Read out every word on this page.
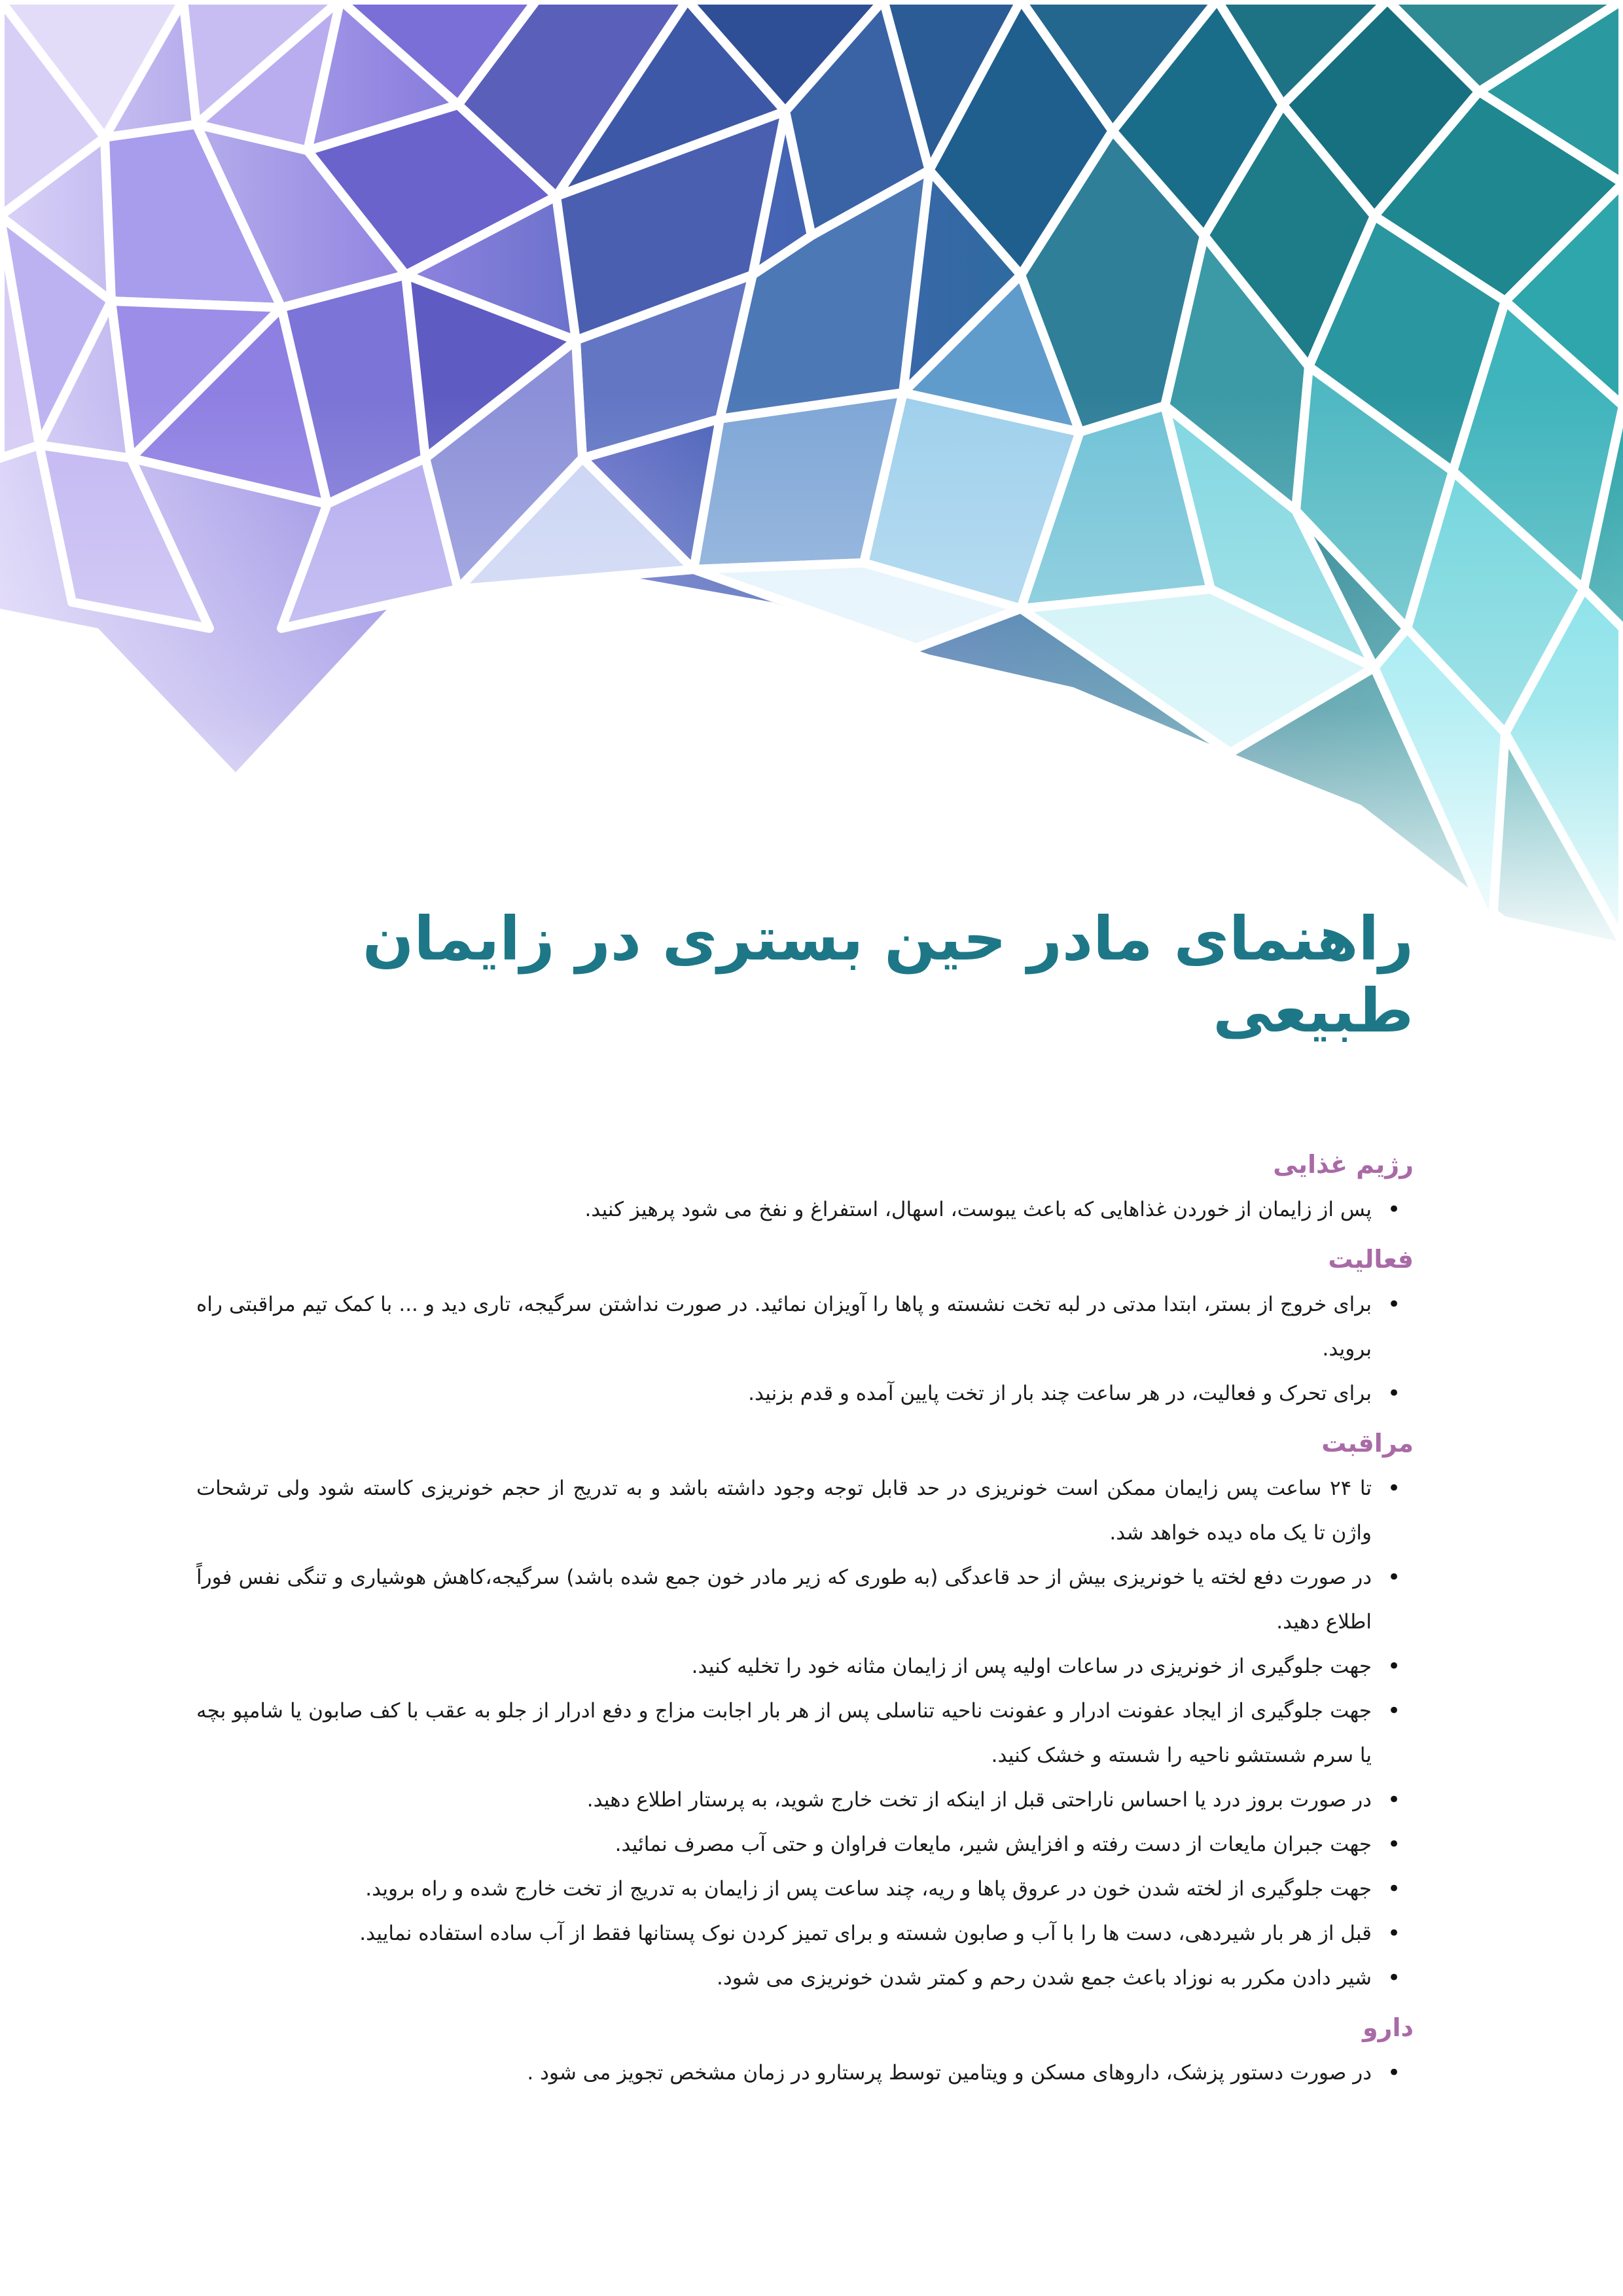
راهنمای مادر حین بستری در زایمان طبیعی
رژیم غذایی
• پس از زایمان از خوردن غذاهایی که باعث یبوست، اسهال، استفراغ و نفخ می شود پرهیز کنید.
فعالیت
• برای خروج از بستر، ابتدا مدتی در لبه تخت نشسته و پاها را آویزان نمائید. در صورت نداشتن سرگیجه، تاری دید و ... با کمک تیم مراقبتی راه بروید.
• برای تحرک و فعالیت، در هر ساعت چند بار از تخت پایین آمده و قدم بزنید.
مراقبت
• تا ۲۴ ساعت پس زایمان ممکن است خونریزی در حد قابل توجه وجود داشته باشد و به تدریج از حجم خونریزی کاسته شود ولی ترشحات واژن تا یک ماه دیده خواهد شد.
• در صورت دفع لخته یا خونریزی بیش از حد قاعدگی (به طوری که زیر مادر خون جمع شده باشد) سرگیجه،کاهش هوشیاری و تنگی نفس فوراً اطلاع دهید.
• جهت جلوگیری از خونریزی در ساعات اولیه پس از زایمان مثانه خود را تخلیه کنید.
• جهت جلوگیری از ایجاد عفونت ادرار و عفونت ناحیه تناسلی پس از هر بار اجابت مزاج و دفع ادرار از جلو به عقب با کف صابون یا شامپو بچه یا سرم شستشو ناحیه را شسته و خشک کنید.
• در صورت بروز درد یا احساس ناراحتی قبل از اینکه از تخت خارج شوید، به پرستار اطلاع دهید.
• جهت جبران مایعات از دست رفته و افزایش شیر، مایعات فراوان و حتی آب مصرف نمائید.
• جهت جلوگیری از لخته شدن خون در عروق پاها و ریه، چند ساعت پس از زایمان به تدریج از تخت خارج شده و راه بروید.
• قبل از هر بار شیردهی، دست ها را با آب و صابون شسته و برای تمیز کردن نوک پستانها فقط از آب ساده استفاده نمایید.
• شیر دادن مکرر به نوزاد باعث جمع شدن رحم و کمتر شدن خونریزی می شود.
دارو
• در صورت دستور پزشک، داروهای مسکن و ویتامین توسط پرستارو در زمان مشخص تجویز می شود .
